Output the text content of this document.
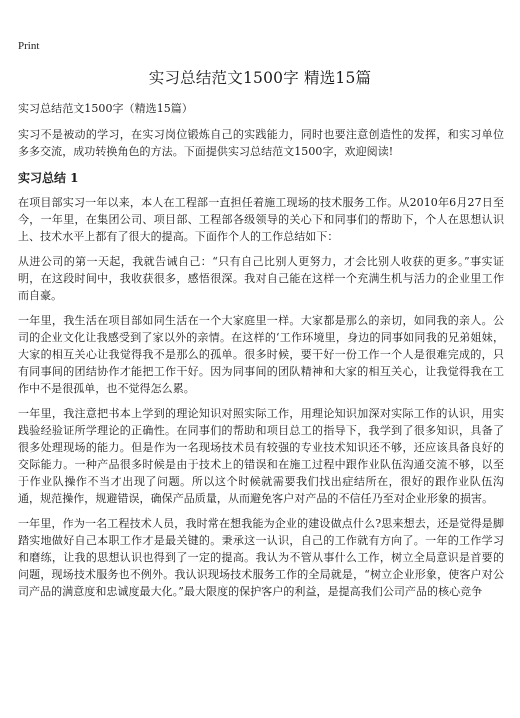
Print
实习总结范文1500字 精选15篇

实习总结范文1500字（精选15篇）

实习不是被动的学习，在实习岗位锻炼自己的实践能力，同时也要注意创造性的发挥，和实习单位多多交流，成功转换角色的方法。下面提供实习总结范文1500字，欢迎阅读!

实习总结 1

在项目部实习一年以来，本人在工程部一直担任着施工现场的技术服务工作。从2010年6月27日至今，一年里，在集团公司、项目部、工程部各级领导的关心下和同事们的帮助下，个人在思想认识上、技术水平上都有了很大的提高。下面作个人的工作总结如下：

从进公司的第一天起，我就告诫自己：“只有自己比别人更努力，才会比别人收获的更多。”事实证明，在这段时间中，我收获很多，感悟很深。我对自己能在这样一个充满生机与活力的企业里工作而自豪。

一年里，我生活在项目部如同生活在一个大家庭里一样。大家都是那么的亲切，如同我的亲人。公司的企业文化让我感受到了家以外的亲情。在这样的‘工作环境里，身边的同事如同我的兄弟姐妹，大家的相互关心让我觉得我不是那么的孤单。很多时候，要干好一份工作一个人是很难完成的，只有同事间的团结协作才能把工作干好。因为同事间的团队精神和大家的相互关心，让我觉得我在工作中不是很孤单，也不觉得怎么累。

一年里，我注意把书本上学到的理论知识对照实际工作，用理论知识加深对实际工作的认识，用实践验经验证所学理论的正确性。在同事们的帮助和项目总工的指导下，我学到了很多知识，具备了很多处理现场的能力。但是作为一名现场技术员有较强的专业技术知识还不够，还应该具备良好的交际能力。一种产品很多时候是由于技术上的错误和在施工过程中跟作业队伍沟通交流不够，以至于作业队操作不当才出现了问题。所以这个时候就需要我们找出症结所在，很好的跟作业队伍沟通，规范操作，规避错误，确保产品质量，从而避免客户对产品的不信任乃至对企业形象的损害。

一年里，作为一名工程技术人员，我时常在想我能为企业的建设做点什么?思来想去，还是觉得是脚踏实地做好自己本职工作才是最关键的。秉承这一认识，自己的工作就有方向了。一年的工作学习和磨练，让我的思想认识也得到了一定的提高。我认为不管从事什么工作，树立全局意识是首要的问题，现场技术服务也不例外。我认识现场技术服务工作的全局就是，“树立企业形象，使客户对公司产品的满意度和忠诚度最大化。”最大限度的保护客户的利益，是提高我们公司产品的核心竞争
